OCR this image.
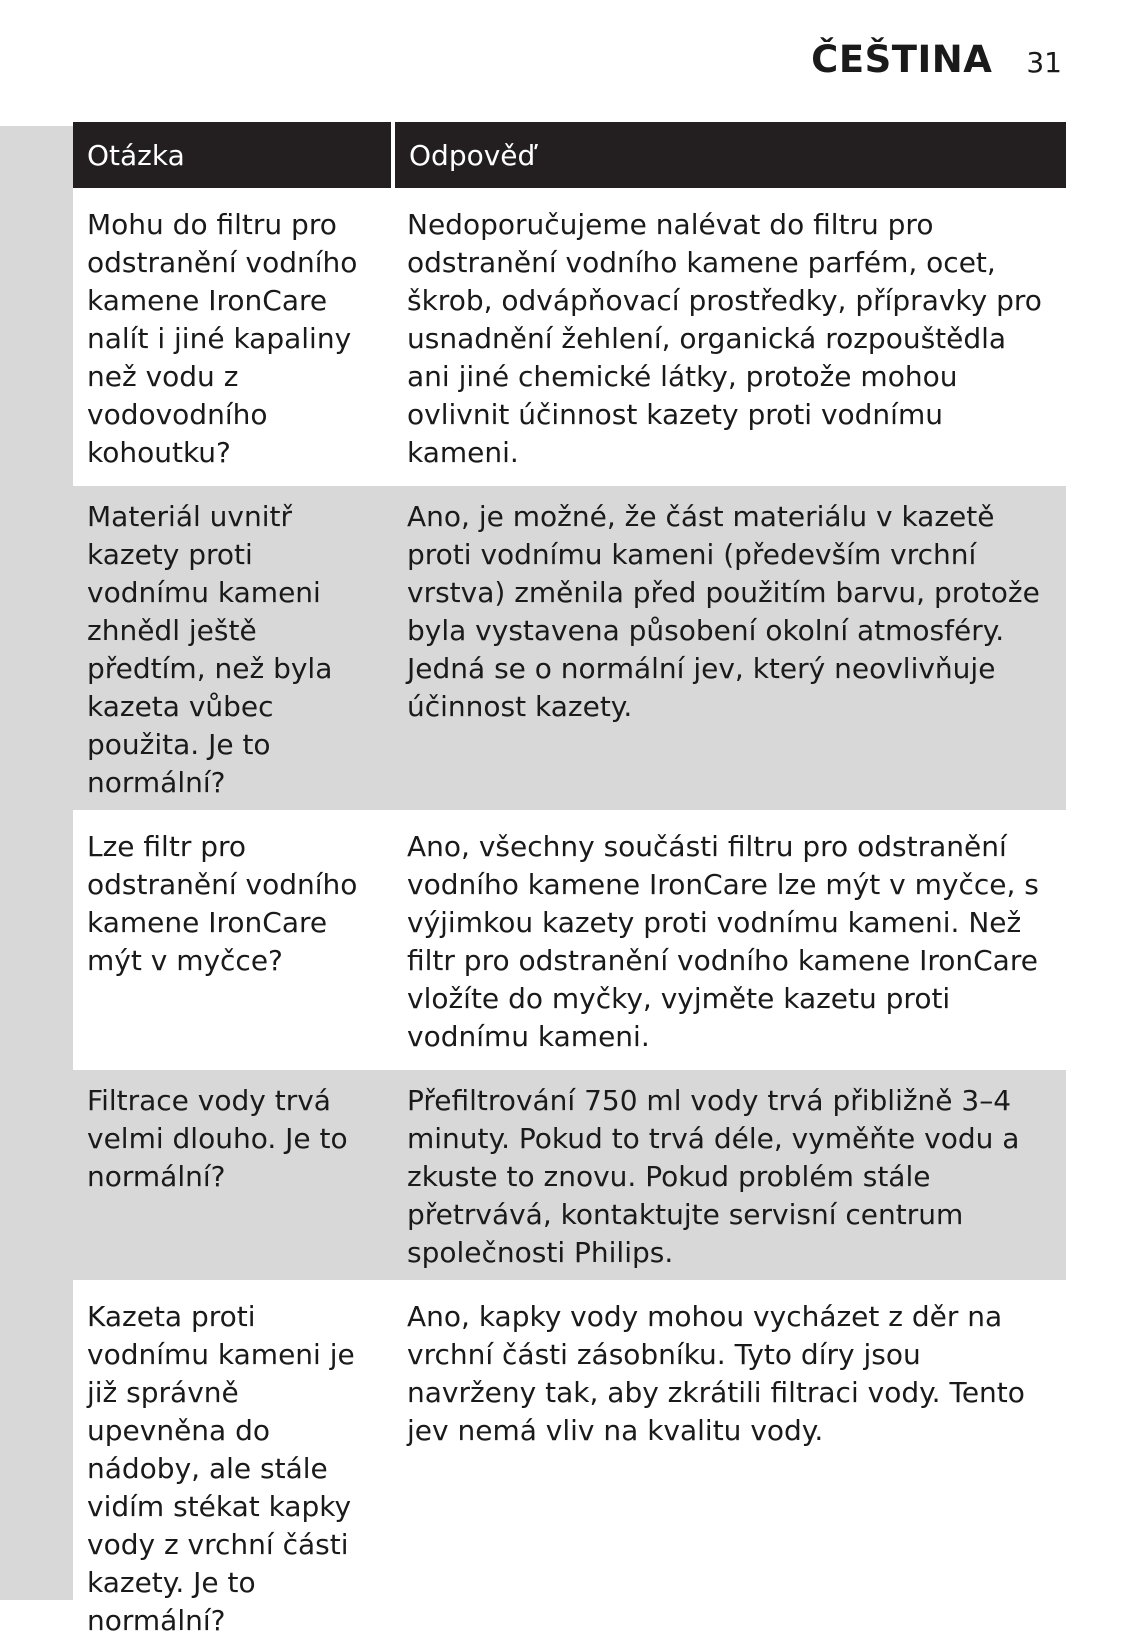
ČEŠTINA 31
Otázka	Odpověď
Mohu do filtru pro odstranění vodního kamene IronCare nalít i jiné kapaliny než vodu z vodovodního kohoutku?	Nedoporučujeme nalévat do filtru pro odstranění vodního kamene parfém, ocet, škrob, odvápňovací prostředky, přípravky pro usnadnění žehlení, organická rozpouštědla ani jiné chemické látky, protože mohou ovlivnit účinnost kazety proti vodnímu kameni.
Materiál uvnitř kazety proti vodnímu kameni zhnědl ještě předtím, než byla kazeta vůbec použita. Je to normální?	Ano, je možné, že část materiálu v kazetě proti vodnímu kameni (především vrchní vrstva) změnila před použitím barvu, protože byla vystavena působení okolní atmosféry. Jedná se o normální jev, který neovlivňuje účinnost kazety.
Lze filtr pro odstranění vodního kamene IronCare mýt v myčce?	Ano, všechny součásti filtru pro odstranění vodního kamene IronCare lze mýt v myčce, s výjimkou kazety proti vodnímu kameni. Než filtr pro odstranění vodního kamene IronCare vložíte do myčky, vyjměte kazetu proti vodnímu kameni.
Filtrace vody trvá velmi dlouho. Je to normální?	Přefiltrování 750 ml vody trvá přibližně 3–4 minuty. Pokud to trvá déle, vyměňte vodu a zkuste to znovu. Pokud problém stále přetrvává, kontaktujte servisní centrum společnosti Philips.
Kazeta proti vodnímu kameni je již správně upevněna do nádoby, ale stále vidím stékat kapky vody z vrchní části kazety. Je to normální?	Ano, kapky vody mohou vycházet z děr na vrchní části zásobníku. Tyto díry jsou navrženy tak, aby zkrátili filtraci vody. Tento jev nemá vliv na kvalitu vody.
